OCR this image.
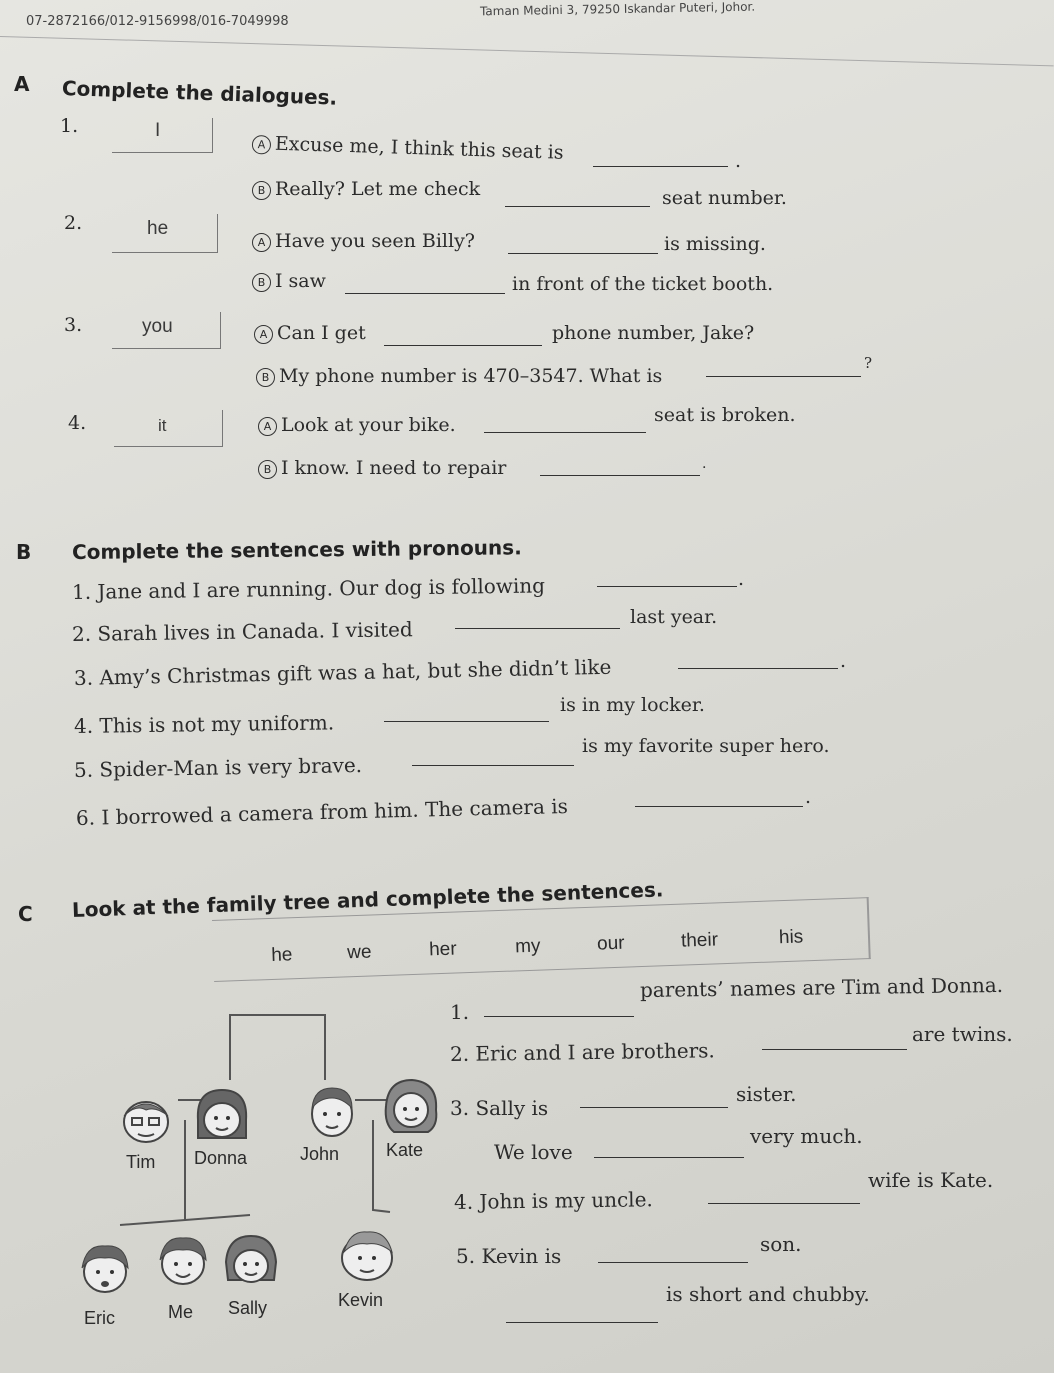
Taman Medini 3, 79250 Iskandar Puteri, Johor.
07-2872166/012-9156998/016-7049998
A Complete the dialogues.
1.	I
A Excuse me, I think this seat is	.
B Really? Let me check	seat number.
2.	he
A Have you seen Billy?	is missing.
B I saw	in front of the ticket booth.
3.	you	A Can I get	phone number, Jake?
B My phone number is 470–3547. What is
?
4.	it	A Look at your bike.	seat is broken.
B I know. I need to repair	.
B Complete the sentences with pronouns.
1. Jane and I are running. Our dog is following	.
2. Sarah lives in Canada. I visited
last year.
3. Amy’s Christmas gift was a hat, but she didn’t like	.
4. This is not my uniform.
is in my locker.
5. Spider-Man is very brave.
is my favorite super hero.
6. I borrowed a camera from him. The camera is	.
C Look at the family tree and complete the sentences.
he	we	her	my	our	their	his
Tim Donna	John	Kate
Eric	Me Sally	Kevin
1.
parents’ names are Tim and Donna.
2. Eric and I are brothers.
are twins.
3. Sally is
sister.
We love
very much.
4. John is my uncle.
wife is Kate.
5. Kevin is	son.
is short and chubby.
